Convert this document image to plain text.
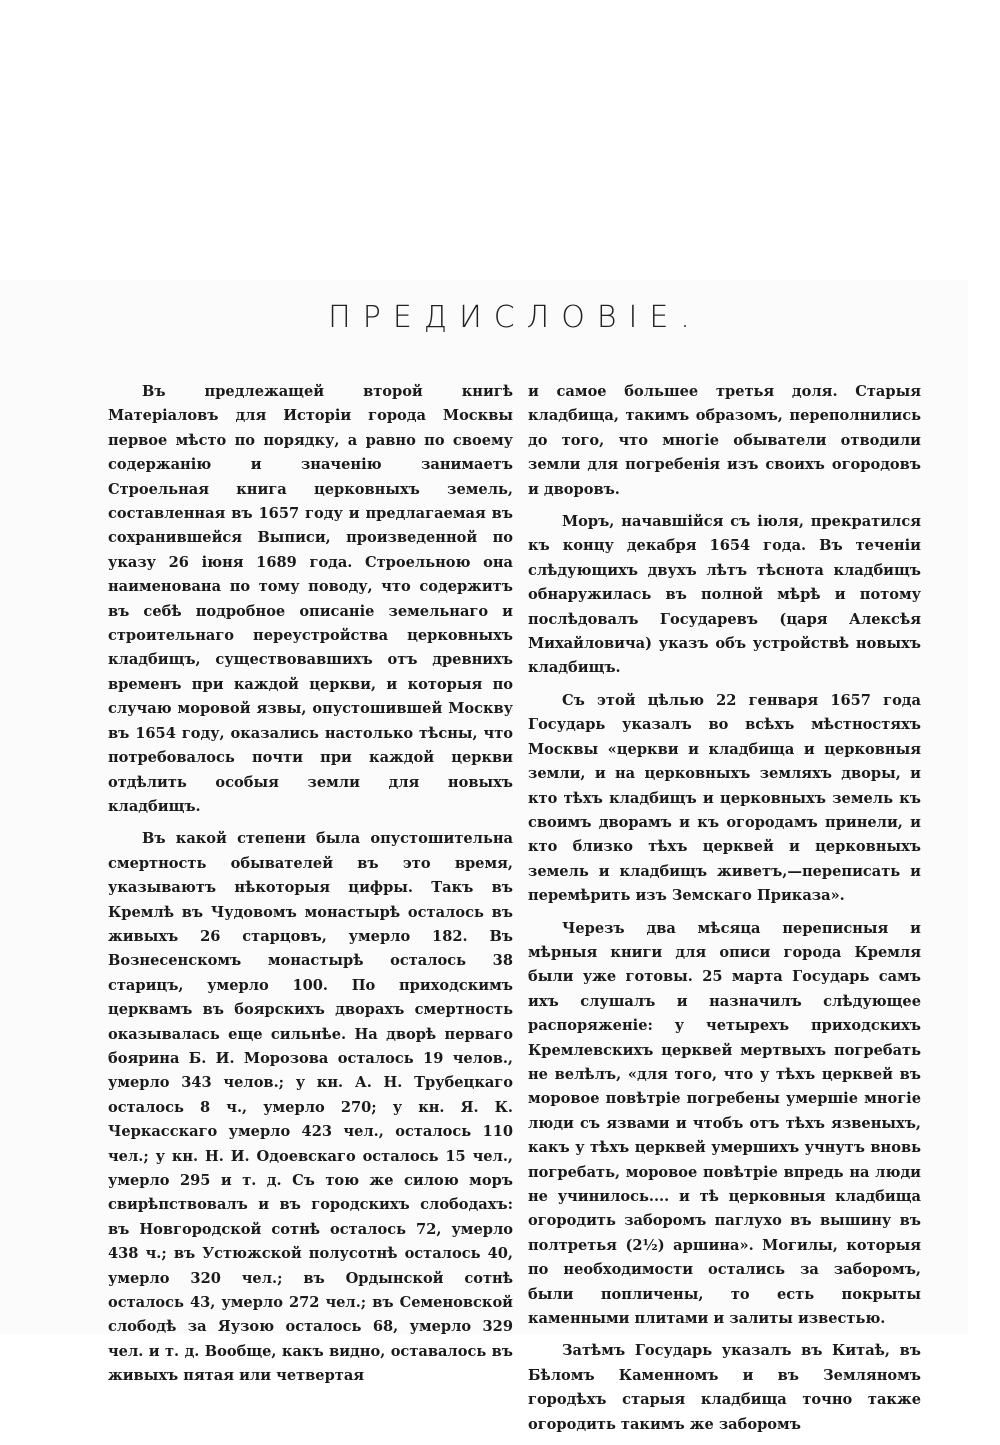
ПРЕДИСЛОВІЕ.

Въ предлежащей второй книгѣ Матеріаловъ для Исторіи города Москвы первое мѣсто по порядку, а равно по своему содержанію и значенію занимаетъ Строельная книга церковныхъ земель, составленная въ 1657 году и предлагаемая въ сохранившейся Выписи, произведенной по указу 26 іюня 1689 года. Строельною она наименована по тому поводу, что содержитъ въ себѣ подробное описаніе земельнаго и строительнаго переустройства церковныхъ кладбищъ, существовавшихъ отъ древнихъ временъ при каждой церкви, и которыя по случаю моровой язвы, опустошившей Москву въ 1654 году, оказались настолько тѣсны, что потребовалось почти при каждой церкви отдѣлить особыя земли для новыхъ кладбищъ.

Въ какой степени была опустошительна смертность обывателей въ это время, указываютъ нѣкоторыя цифры. Такъ въ Кремлѣ въ Чудовомъ монастырѣ осталось въ живыхъ 26 старцовъ, умерло 182. Въ Вознесенскомъ монастырѣ осталось 38 старицъ, умерло 100. По приходскимъ церквамъ въ боярскихъ дворахъ смертность оказывалась еще сильнѣе. На дворѣ перваго боярина Б. И. Морозова осталось 19 челов., умерло 343 челов.; у кн. А. Н. Трубецкаго осталось 8 ч., умерло 270; у кн. Я. К. Черкасскаго умерло 423 чел., осталось 110 чел.; у кн. Н. И. Одоевскаго осталось 15 чел., умерло 295 и т. д. Съ тою же силою моръ свирѣпствовалъ и въ городскихъ слободахъ: въ Новгородской сотнѣ осталось 72, умерло 438 ч.; въ Устюжской полусотнѣ осталось 40, умерло 320 чел.; въ Ордынской сотнѣ осталось 43, умерло 272 чел.; въ Семеновской слободѣ за Яузою осталось 68, умерло 329 чел. и т. д. Вообще, какъ видно, оставалось въ живыхъ пятая или четвертая

и самое большее третья доля. Старыя кладбища, такимъ образомъ, переполнились до того, что многіе обыватели отводили земли для погребенія изъ своихъ огородовъ и дворовъ.

Моръ, начавшійся съ іюля, прекратился къ концу декабря 1654 года. Въ теченіи слѣдующихъ двухъ лѣтъ тѣснота кладбищъ обнаружилась въ полной мѣрѣ и потому послѣдовалъ Государевъ (царя Алексѣя Михайловича) указъ объ устройствѣ новыхъ кладбищъ.

Съ этой цѣлью 22 генваря 1657 года Государь указалъ во всѣхъ мѣстностяхъ Москвы «церкви и кладбища и церковныя земли, и на церковныхъ земляхъ дворы, и кто тѣхъ кладбищъ и церковныхъ земель къ своимъ дворамъ и къ огородамъ принели, и кто близко тѣхъ церквей и церковныхъ земель и кладбищъ живетъ,—переписать и перемѣрить изъ Земскаго Приказа».

Черезъ два мѣсяца переписныя и мѣрныя книги для описи города Кремля были уже готовы. 25 марта Государь самъ ихъ слушалъ и назначилъ слѣдующее распоряженіе: у четырехъ приходскихъ Кремлевскихъ церквей мертвыхъ погребать не велѣлъ, «для того, что у тѣхъ церквей въ моровое повѣтріе погребены умершіе многіе люди съ язвами и чтобъ отъ тѣхъ язвеныхъ, какъ у тѣхъ церквей умершихъ учнутъ вновь погребать, моровое повѣтріе впредь на люди не учинилось.... и тѣ церковныя кладбища огородить заборомъ паглухо въ вышину въ полтретья (2½) аршина». Могилы, которыя по необходимости остались за заборомъ, были попличены, то есть покрыты каменными плитами и залиты известью.

Затѣмъ Государь указалъ въ Китаѣ, въ Бѣломъ Каменномъ и въ Земляномъ городѣхъ старыя кладбища точно также огородить такимъ же заборомъ
